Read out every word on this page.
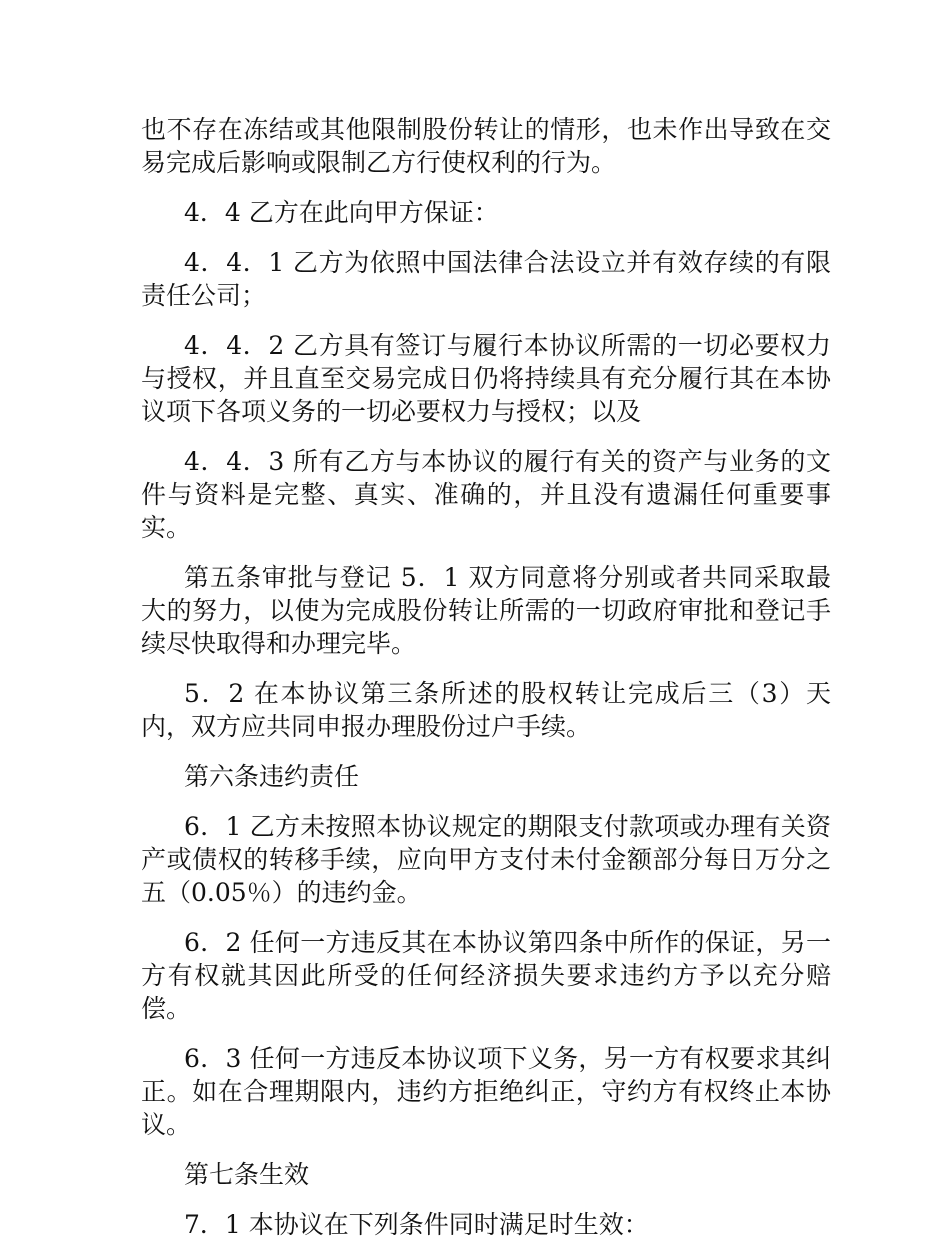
也不存在冻结或其他限制股份转让的情形，也未作出导致在交易完成后影响或限制乙方行使权利的行为。

4．4 乙方在此向甲方保证：

4．4．1 乙方为依照中国法律合法设立并有效存续的有限责任公司；

4．4．2 乙方具有签订与履行本协议所需的一切必要权力与授权，并且直至交易完成日仍将持续具有充分履行其在本协议项下各项义务的一切必要权力与授权；以及

4．4．3 所有乙方与本协议的履行有关的资产与业务的文件与资料是完整、真实、准确的，并且没有遗漏任何重要事实。

第五条审批与登记 5．1 双方同意将分别或者共同采取最大的努力，以使为完成股份转让所需的一切政府审批和登记手续尽快取得和办理完毕。

5．2 在本协议第三条所述的股权转让完成后三（3）天内，双方应共同申报办理股份过户手续。

第六条违约责任

6．1 乙方未按照本协议规定的期限支付款项或办理有关资产或债权的转移手续，应向甲方支付未付金额部分每日万分之五（0.05％）的违约金。

6．2 任何一方违反其在本协议第四条中所作的保证，另一方有权就其因此所受的任何经济损失要求违约方予以充分赔偿。

6．3 任何一方违反本协议项下义务，另一方有权要求其纠正。如在合理期限内，违约方拒绝纠正，守约方有权终止本协议。

第七条生效

7．1 本协议在下列条件同时满足时生效：
